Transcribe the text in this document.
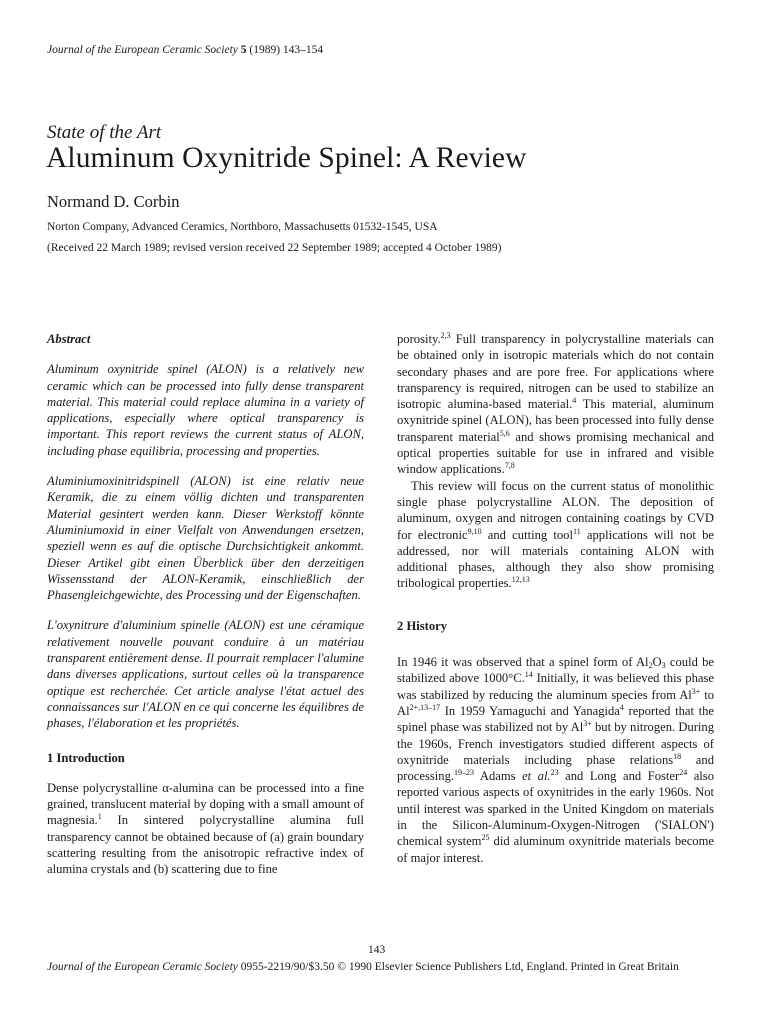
Journal of the European Ceramic Society 5 (1989) 143–154
State of the Art
Aluminum Oxynitride Spinel: A Review
Normand D. Corbin
Norton Company, Advanced Ceramics, Northboro, Massachusetts 01532-1545, USA
(Received 22 March 1989; revised version received 22 September 1989; accepted 4 October 1989)

Abstract

Aluminum oxynitride spinel (ALON) is a relatively new ceramic which can be processed into fully dense transparent material. This material could replace alumina in a variety of applications, especially where optical transparency is important. This report reviews the current status of ALON, including phase equilibria, processing and properties.

Aluminiumoxinitridspinell (ALON) ist eine relativ neue Keramik, die zu einem völlig dichten und transparenten Material gesintert werden kann. Dieser Werkstoff könnte Aluminiumoxid in einer Vielfalt von Anwendungen ersetzen, speziell wenn es auf die optische Durchsichtigkeit ankommt. Dieser Artikel gibt einen Überblick über den derzeitigen Wissensstand der ALON-Keramik, einschließlich der Phasengleichgewichte, des Processing und der Eigenschaften.

L'oxynitrure d'aluminium spinelle (ALON) est une céramique relativement nouvelle pouvant conduire à un matériau transparent entièrement dense. Il pourrait remplacer l'alumine dans diverses applications, surtout celles où la transparence optique est recherchée. Cet article analyse l'état actuel des connaissances sur l'ALON en ce qui concerne les équilibres de phases, l'élaboration et les propriétés.

1 Introduction

Dense polycrystalline α-alumina can be processed into a fine grained, translucent material by doping with a small amount of magnesia.$^1$ In sintered polycrystalline alumina full transparency cannot be obtained because of (a) grain boundary scattering resulting from the anisotropic refractive index of alumina crystals and (b) scattering due to fine

porosity.$^{2,3}$ Full transparency in polycrystalline materials can be obtained only in isotropic materials which do not contain secondary phases and are pore free. For applications where transparency is required, nitrogen can be used to stabilize an isotropic alumina-based material.$^4$ This material, aluminum oxynitride spinel (ALON), has been processed into fully dense transparent material$^{5,6}$ and shows promising mechanical and optical properties suitable for use in infrared and visible window applications.$^{7,8}$

This review will focus on the current status of monolithic single phase polycrystalline ALON. The deposition of aluminum, oxygen and nitrogen containing coatings by CVD for electronic$^{9,10}$ and cutting tool$^{11}$ applications will not be addressed, nor will materials containing ALON with additional phases, although they also show promising tribological properties.$^{12,13}$

2 History

In 1946 it was observed that a spinel form of $Al_2O_3$ could be stabilized above 1000°C.$^{14}$ Initially, it was believed this phase was stabilized by reducing the aluminum species from $Al^{3+}$ to $Al^{2+,13-17}$ In 1959 Yamaguchi and Yanagida$^4$ reported that the spinel phase was stabilized not by $Al^{3+}$ but by nitrogen. During the 1960s, French investigators studied different aspects of oxynitride materials including phase relations$^{18}$ and processing.$^{19-23}$ Adams et al.$^{23}$ and Long and Foster$^{24}$ also reported various aspects of oxynitrides in the early 1960s. Not until interest was sparked in the United Kingdom on materials in the Silicon-Aluminum-Oxygen-Nitrogen ('SIALON') chemical system$^{25}$ did aluminum oxynitride materials become of major interest.

143
Journal of the European Ceramic Society 0955-2219/90/$3.50 © 1990 Elsevier Science Publishers Ltd, England. Printed in Great Britain
